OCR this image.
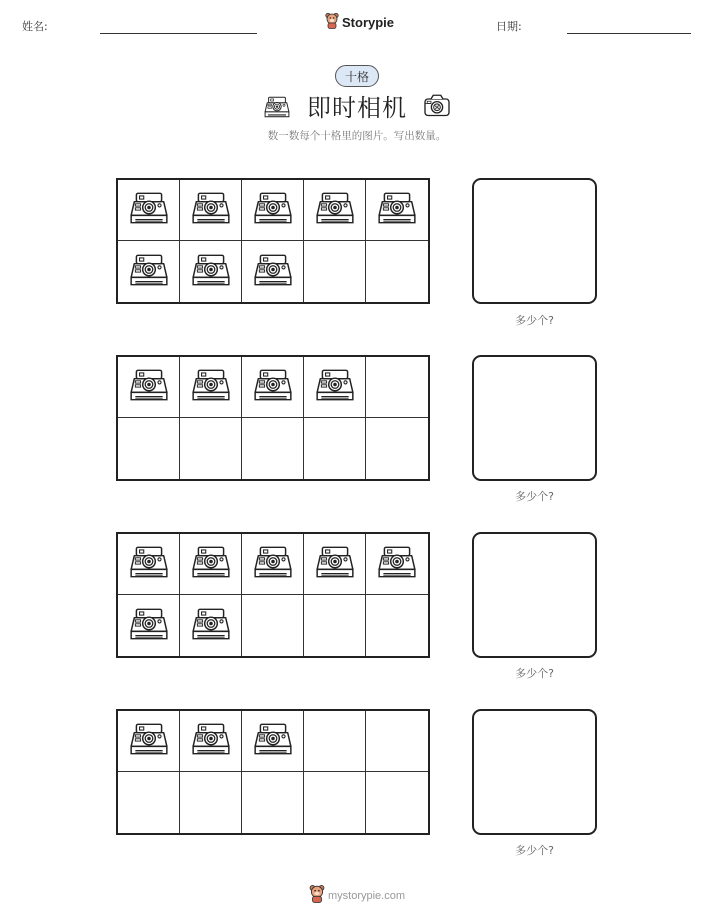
姓名:	Storypie	日期:
十格
即时相机
数一数每个十格里的图片。写出数量。
多少个?
多少个?
多少个?
多少个?
mystorypie.com
